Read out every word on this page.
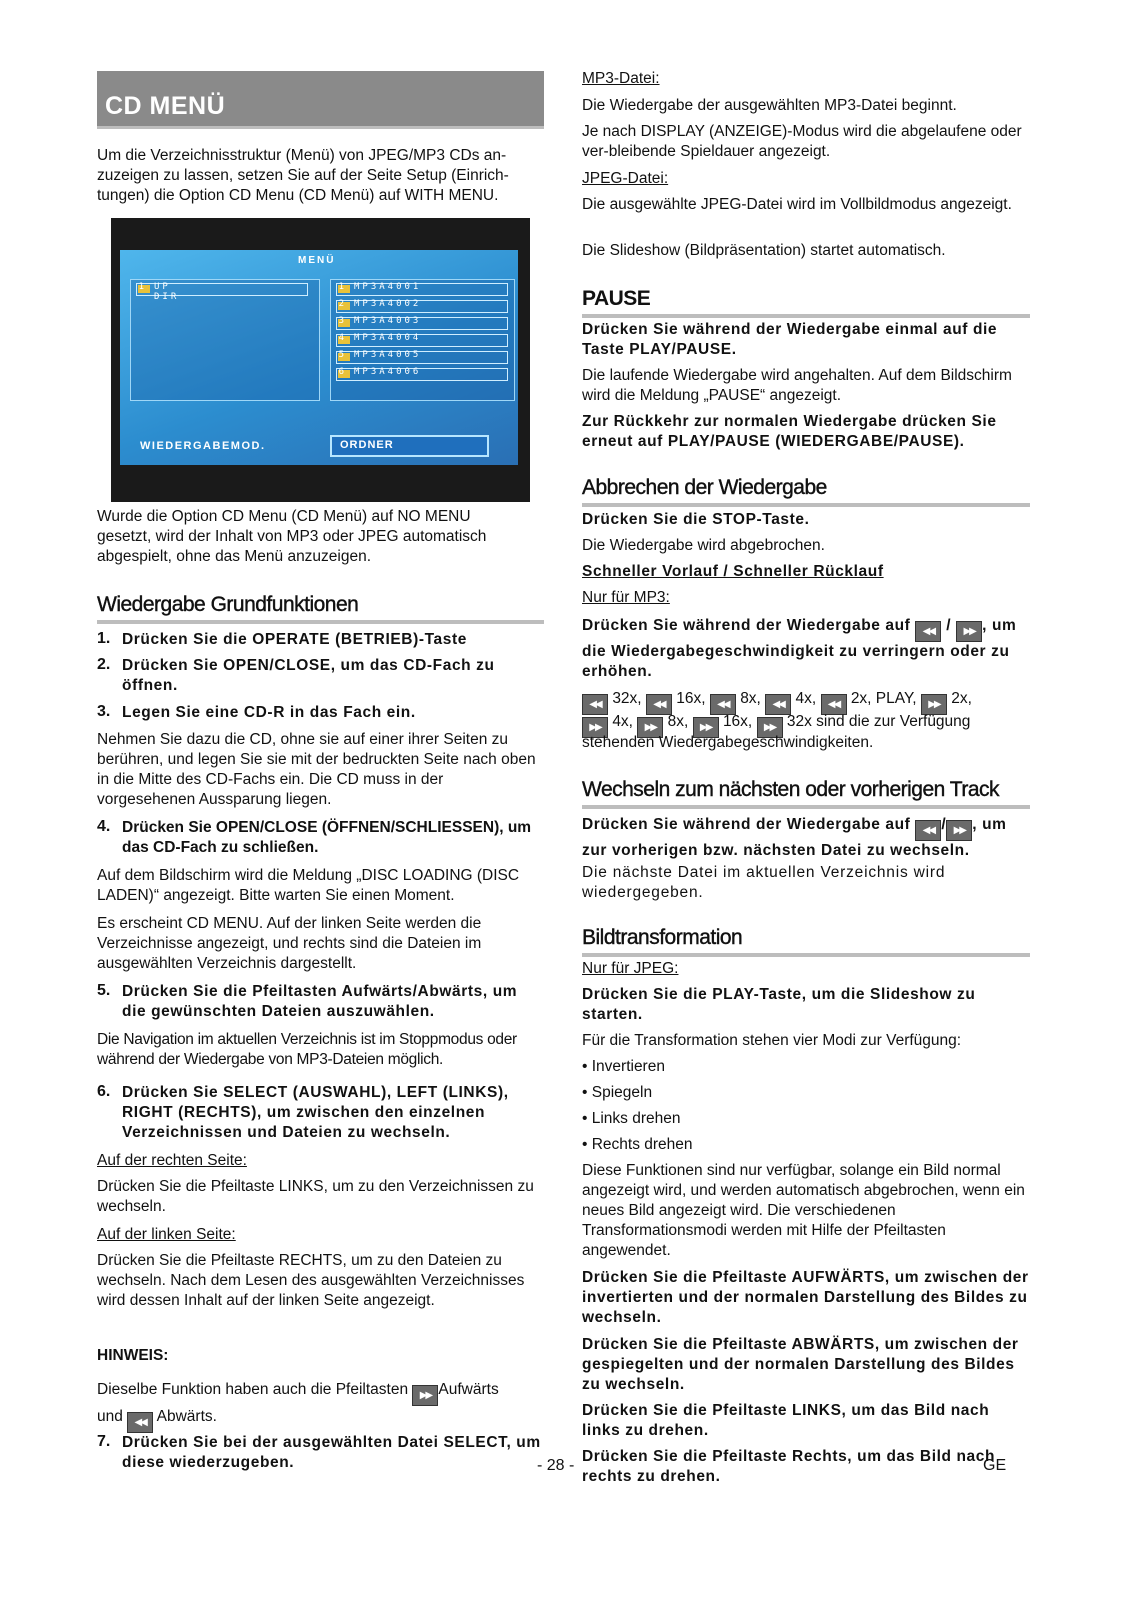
CD MENÜ

Um die Verzeichnisstruktur (Menü) von JPEG/MP3 CDs an-

zuzeigen zu lassen, setzen Sie auf der Seite Setup (Einrich-

tungen) die Option CD Menu (CD Menü) auf WITH MENU.

MENÜ
UP DIR
1	MP3A4001
1
MP3A4002
2
MP3A4003
3
MP3A4004
4
MP3A4005
5
MP3A4006
6
WIEDERGABEMOD.	ORDNER

Wurde die Option CD Menu (CD Menü) auf NO MENU

gesetzt, wird der Inhalt von MP3 oder JPEG automatisch

abgespielt, ohne das Menü anzuzeigen.

Wiedergabe Grundfunktionen
1. Drücken Sie die OPERATE (BETRIEB)-Taste
2. Drücken Sie OPEN/CLOSE, um das CD-Fach zu öffnen.
3. Legen Sie eine CD-R in das Fach ein.

Nehmen Sie dazu die CD, ohne sie auf einer ihrer Seiten zu berühren, und legen Sie sie mit der bedruckten Seite nach oben in die Mitte des CD-Fachs ein. Die CD muss in der vorgesehenen Aussparung liegen.

4. Drücken Sie OPEN/CLOSE (ÖFFNEN/SCHLIESSEN), um das CD-Fach zu schließen.

Auf dem Bildschirm wird die Meldung „DISC LOADING (DISC LADEN)“ angezeigt. Bitte warten Sie einen Moment.

Es erscheint CD MENU. Auf der linken Seite werden die Verzeichnisse angezeigt, und rechts sind die Dateien im ausgewählten Verzeichnis dargestellt.

5. Drücken Sie die Pfeiltasten Aufwärts/Abwärts, um die gewünschten Dateien auszuwählen.

Die Navigation im aktuellen Verzeichnis ist im Stoppmodus oder während der Wiedergabe von MP3-Dateien möglich.

6. Drücken Sie SELECT (AUSWAHL), LEFT (LINKS), RIGHT (RECHTS), um zwischen den einzelnen Verzeichnissen und Dateien zu wechseln.

Auf der rechten Seite:

Drücken Sie die Pfeiltaste LINKS, um zu den Verzeichnissen zu wechseln.

Auf der linken Seite:

Drücken Sie die Pfeiltaste RECHTS, um zu den Dateien zu wechseln. Nach dem Lesen des ausgewählten Verzeichnisses wird dessen Inhalt auf der linken Seite angezeigt.

HINWEIS:

Dieselbe Funktion haben auch die Pfeiltasten ▶▶ Aufwärts

und ◀◀ Abwärts.

7. Drücken Sie bei der ausgewählten Datei SELECT, um diese wiederzugeben.

MP3-Datei:

Die Wiedergabe der ausgewählten MP3-Datei beginnt.

Je nach DISPLAY (ANZEIGE)-Modus wird die abgelaufene oder ver-bleibende Spieldauer angezeigt.

JPEG-Datei:

Die ausgewählte JPEG-Datei wird im Vollbildmodus angezeigt.

Die Slideshow (Bildpräsentation) startet automatisch.

PAUSE

Drücken Sie während der Wiedergabe einmal auf die Taste PLAY/PAUSE.

Die laufende Wiedergabe wird angehalten. Auf dem Bildschirm wird die Meldung „PAUSE“ angezeigt.

Zur Rückkehr zur normalen Wiedergabe drücken Sie erneut auf PLAY/PAUSE (WIEDERGABE/PAUSE).

Abbrechen der Wiedergabe

Drücken Sie die STOP-Taste.

Die Wiedergabe wird abgebrochen.

Schneller Vorlauf / Schneller Rücklauf

Nur für MP3:

Drücken Sie während der Wiedergabe auf ◀◀ / ▶▶ , um die Wiedergabegeschwindigkeit zu verringern oder zu erhöhen.

◀◀ 32x, ◀◀ 16x, ◀◀ 8x, ◀◀ 4x, ◀◀ 2x, PLAY, ▶▶ 2x,

▶▶ 4x, ▶▶ 8x, ▶▶ 16x, ▶▶ 32x sind die zur Verfügung

stehenden Wiedergabegeschwindigkeiten.

Wechseln zum nächsten oder vorherigen Track

Drücken Sie während der Wiedergabe auf ◀◀ / ▶▶ , um zur vorherigen bzw. nächsten Datei zu wechseln.

Die nächste Datei im aktuellen Verzeichnis wird wiedergegeben.

Bildtransformation

Nur für JPEG:

Drücken Sie die PLAY-Taste, um die Slideshow zu starten.

Für die Transformation stehen vier Modi zur Verfügung:

• Invertieren

• Spiegeln

• Links drehen

• Rechts drehen

Diese Funktionen sind nur verfügbar, solange ein Bild normal angezeigt wird, und werden automatisch abgebrochen, wenn ein neues Bild angezeigt wird. Die verschiedenen Transformationsmodi werden mit Hilfe der Pfeiltasten angewendet.

Drücken Sie die Pfeiltaste AUFWÄRTS, um zwischen der invertierten und der normalen Darstellung des Bildes zu wechseln.

Drücken Sie die Pfeiltaste ABWÄRTS, um zwischen der gespiegelten und der normalen Darstellung des Bildes zu wechseln.

Drücken Sie die Pfeiltaste LINKS, um das Bild nach links zu drehen.

Drücken Sie die Pfeiltaste Rechts, um das Bild nach rechts zu drehen.

- 28 -	GE
